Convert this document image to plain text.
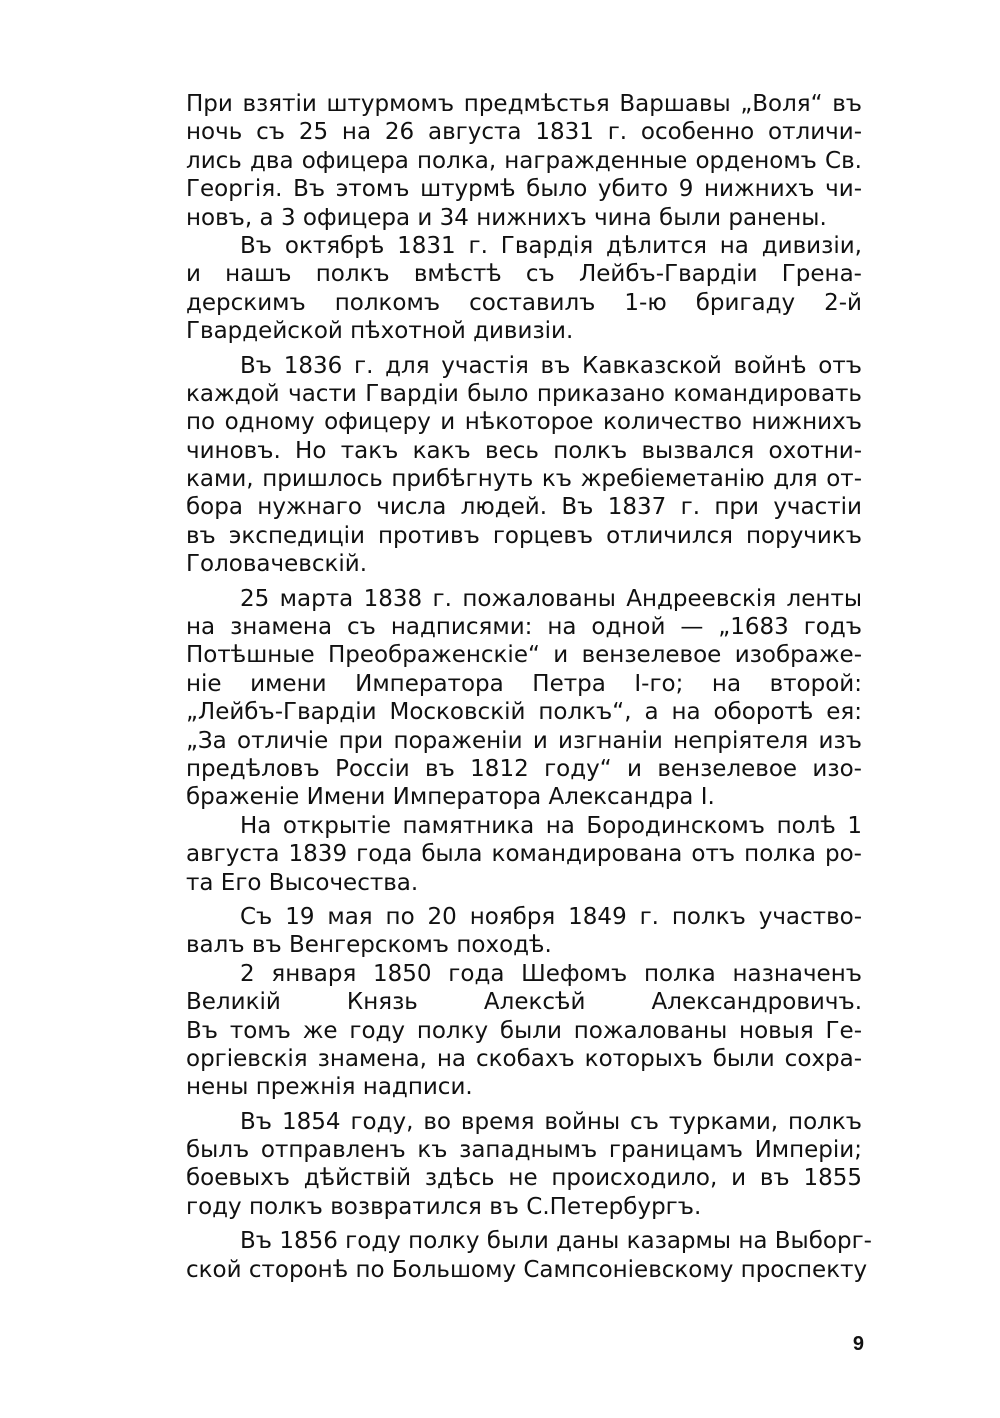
При взятіи штурмомъ предмѣстья Варшавы „Воля“ въ
ночь съ 25 на 26 августа 1831 г. особенно отличи-
лись два офицера полка, награжденные орденомъ Св.
Георгія. Въ этомъ штурмѣ было убито 9 нижнихъ чи-
новъ, а 3 офицера и 34 нижнихъ чина были ранены.
Въ октябрѣ 1831 г. Гвардія дѣлится на дивизіи,
и нашъ полкъ вмѣстѣ съ Лейбъ-Гвардіи Грена-
дерскимъ полкомъ составилъ 1-ю бригаду 2-й
Гвардейской пѣхотной дивизіи.
Въ 1836 г. для участія въ Кавказской войнѣ отъ
каждой части Гвардіи было приказано командировать
по одному офицеру и нѣкоторое количество нижнихъ
чиновъ. Но такъ какъ весь полкъ вызвался охотни-
ками, пришлось прибѣгнуть къ жребіеметанію для от-
бора нужнаго числа людей. Въ 1837 г. при участіи
въ экспедиціи противъ горцевъ отличился поручикъ
Головачевскій.
25 марта 1838 г. пожалованы Андреевскія ленты
на знамена съ надписями: на одной — „1683 годъ
Потѣшные Преображенскіе“ и вензелевое изображе-
ніе имени Императора Петра І-го; на второй:
„Лейбъ-Гвардіи Московскій полкъ“, а на оборотѣ ея:
„За отличіе при пораженіи и изгнаніи непріятеля изъ
предѣловъ Россіи въ 1812 году“ и вензелевое изо-
браженіе Имени Императора Александра І.
На открытіе памятника на Бородинскомъ полѣ 1
августа 1839 года была командирована отъ полка ро-
та Его Высочества.
Съ 19 мая по 20 ноября 1849 г. полкъ участво-
валъ въ Венгерскомъ походѣ.
2 января 1850 года Шефомъ полка назначенъ
Великій Князь Алексѣй Александровичъ.
Въ томъ же году полку были пожалованы новыя Ге-
оргіевскія знамена, на скобахъ которыхъ были сохра-
нены прежнія надписи.
Въ 1854 году, во время войны съ турками, полкъ
былъ отправленъ къ западнымъ границамъ Имперіи;
боевыхъ дѣйствій здѣсь не происходило, и въ 1855
году полкъ возвратился въ С.Петербургъ.
Въ 1856 году полку были даны казармы на Выборг-
ской сторонѣ по Большому Сампсоніевскому проспекту
9
